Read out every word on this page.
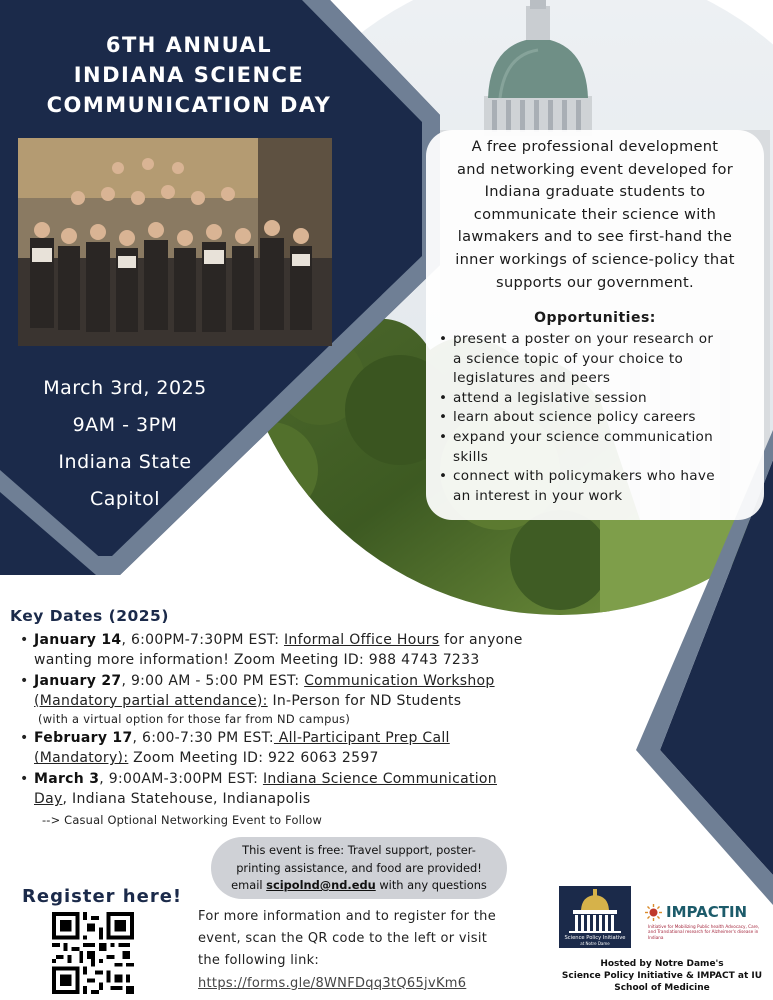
6TH ANNUAL
INDIANA SCIENCE
COMMUNICATION DAY
March 3rd, 2025
9AM - 3PM
Indiana State
Capitol
A free professional development
and networking event developed for
Indiana graduate students to
communicate their science with
lawmakers and to see first-hand the
inner workings of science-policy that
supports our government.
Opportunities:
• present a poster on your research or
a science topic of your choice to
legislatures and peers
• attend a legislative session
• learn about science policy careers
• expand your science communication
skills
• connect with policymakers who have
an interest in your work
Key Dates (2025)
• January 14, 6:00PM-7:30PM EST: Informal Office Hours for anyone
wanting more information! Zoom Meeting ID: 988 4743 7233
• January 27, 9:00 AM - 5:00 PM EST: Communication Workshop
(Mandatory partial attendance): In-Person for ND Students
(with a virtual option for those far from ND campus)
• February 17, 6:00-7:30 PM EST: All-Participant Prep Call
(Mandatory): Zoom Meeting ID: 922 6063 2597
• March 3, 9:00AM-3:00PM EST: Indiana Science Communication
Day, Indiana Statehouse, Indianapolis
--> Casual Optional Networking Event to Follow
This event is free: Travel support, poster-
printing assistance, and food are provided!
email scipolnd@nd.edu with any questions
Register here!
For more information and to register for the
event, scan the QR code to the left or visit
the following link:
https://forms.gle/8WNFDqq3tQ65jvKm6
Science Policy Initiative
at Notre Dame
IMPACTIN
Initiative for Mobilizing Public health Advocacy, Care, and Translational research for Alzheimer's disease in Indiana
Hosted by Notre Dame's
Science Policy Initiative & IMPACT at IU
School of Medicine
